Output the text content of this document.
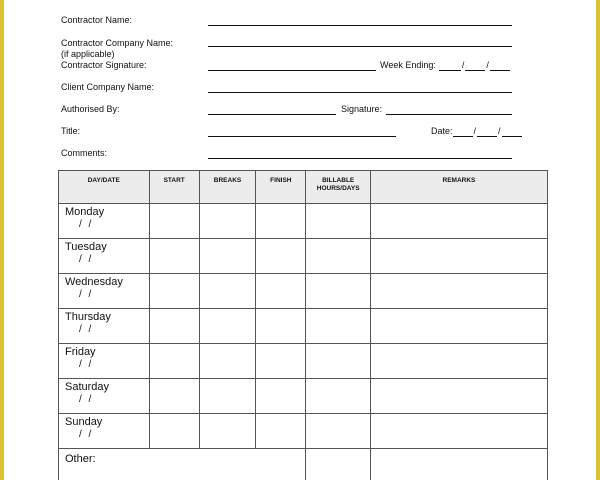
Contractor Name:
Contractor Company Name:
(if applicable)
Contractor Signature:	Week Ending:	/ /
Client Company Name:
Authorised By:	Signature:
Title:	Date: / /
Comments:
DAY/DATE	START	BREAKS	FINISH	BILLABLE HOURS/DAYS	REMARKS

Monday
/ /					

Tuesday
/ /					

Wednesday
/ /					

Thursday
/ /					

Friday
/ /					

Saturday
/ /					

Sunday
/ /					

Other:					
